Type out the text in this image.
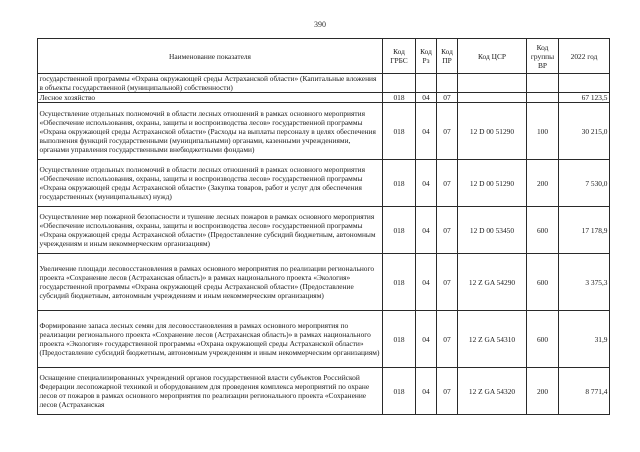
390
Наименование показателя	Код ГРБС	Код Рз	Код ПР	Код ЦСР	Код группы ВР	2022 год
государственной программы «Охрана окружающей среды Астраханской области» (Капитальные вложения в объекты государственной (муниципальной) собственности)						
Лесное хозяйство	018	04	07			67 123,5
Осуществление отдельных полномочий в области лесных отношений в рамках основного мероприятия «Обеспечение использования, охраны, защиты и воспроизводства лесов» государственной программы «Охрана окружающей среды Астраханской области» (Расходы на выплаты персоналу в целях обеспечения выполнения функций государственными (муниципальными) органами, казенными учреждениями, органами управления государственными внебюджетными фондами)	018	04	07	12 D 00 51290	100	30 215,0
Осуществление отдельных полномочий в области лесных отношений в рамках основного мероприятия «Обеспечение использования, охраны, защиты и воспроизводства лесов» государственной программы «Охрана окружающей среды Астраханской области» (Закупка товаров, работ и услуг для обеспечения государственных (муниципальных) нужд)	018	04	07	12 D 00 51290	200	7 530,0
Осуществление мер пожарной безопасности и тушение лесных пожаров в рамках основного мероприятия «Обеспечение использования, охраны, защиты и воспроизводства лесов» государственной программы «Охрана окружающей среды Астраханской области» (Предоставление субсидий бюджетным, автономным учреждениям и иным некоммерческим организациям)	018	04	07	12 D 00 53450	600	17 178,9
Увеличение площади лесовосстановления в рамках основного мероприятия по реализации регионального проекта «Сохранение лесов (Астраханская область)» в рамках национального проекта «Экология» государственной программы «Охрана окружающей среды Астраханской области» (Предоставление субсидий бюджетным, автономным учреждениям и иным некоммерческим организациям)	018	04	07	12 Z GA 54290	600	3 375,3
Формирование запаса лесных семян для лесовосстановления в рамках основного мероприятия по реализации регионального проекта «Сохранение лесов (Астраханская область)» в рамках национального проекта «Экология» государственной программы «Охрана окружающей среды Астраханской области» (Предоставление субсидий бюджетным, автономным учреждениям и иным некоммерческим организациям)	018	04	07	12 Z GA 54310	600	31,9
Оснащение специализированных учреждений органов государственной власти субъектов Российской Федерации лесопожарной техникой и оборудованием для проведения комплекса мероприятий по охране лесов от пожаров в рамках основного мероприятия по реализации регионального проекта «Сохранение лесов (Астраханская	018	04	07	12 Z GA 54320	200	8 771,4
